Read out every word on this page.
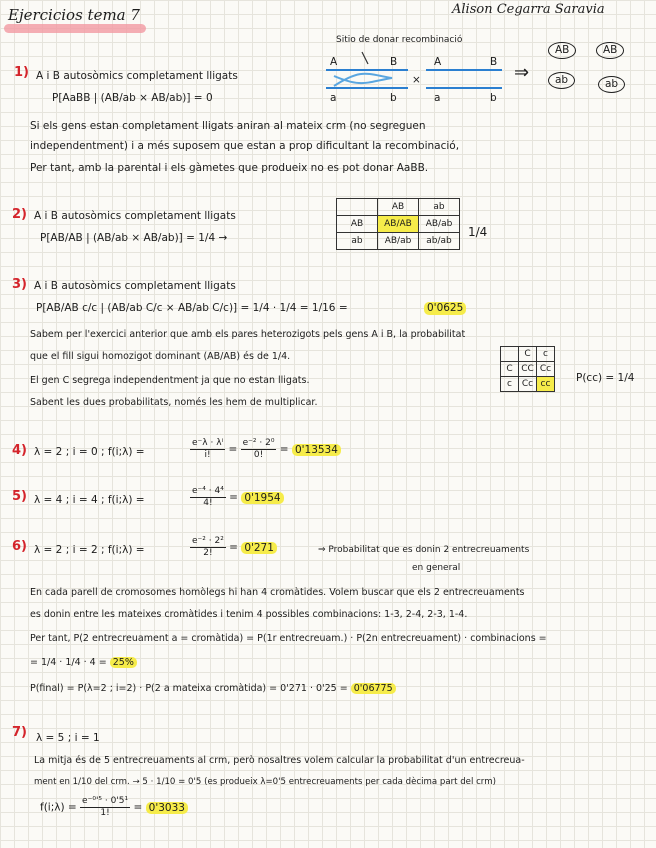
Ejercicios tema 7	Alison Cegarra Saravia
Sitio de donar recombinació
A	B
a	b
×
A	B
a	b
⇒
AB	AB
ab	ab
1) A i B autosòmics completament lligats
P[AaBB | (AB/ab × AB/ab)] = 0
Si els gens estan completament lligats aniran al mateix crm (no segreguen
independentment) i a més suposem que estan a prop dificultant la recombinació,
Per tant, amb la parental i els gàmetes que produeix no es pot donar AaBB.
2) A i B autosòmics completament lligats
P[AB/AB | (AB/ab × AB/ab)] = 1/4 →
	AB	ab
AB	AB/AB	AB/ab
ab	AB/ab	ab/ab
1/4
3) A i B autosòmics completament lligats
P[AB/AB c/c | (AB/ab C/c × AB/ab C/c)] = 1/4 · 1/4 = 1/16 =	0'0625
Sabem per l'exercici anterior que amb els pares heterozigots pels gens A i B, la probabilitat
que el fill sigui homozigot dominant (AB/AB) és de 1/4.
El gen C segrega independentment ja que no estan lligats.
Sabent les dues probabilitats, només les hem de multiplicar.
	C	c
C	CC	Cc
c	Cc	cc P(cc) = 1/4
4) λ = 2 ; i = 0 ; f(i;λ) =	$\frac{\text{e⁻λ · λⁱ}}{i!} = \frac{\text{e⁻² · 2⁰}}{0!} = 0'13534$
5) λ = 4 ; i = 4 ; f(i;λ) =	$\frac{\text{e⁻⁴ · 4⁴}}{4!} = 0'1954$
6) λ = 2 ; i = 2 ; f(i;λ) =	$\frac{\text{e⁻² · 2²}}{2!} = 0'271$	⇒ Probabilitat que es donin 2 entrecreuaments
en general
En cada parell de cromosomes homòlegs hi han 4 cromàtides. Volem buscar que els 2 entrecreuaments
es donin entre les mateixes cromàtides i tenim 4 possibles combinacions: 1-3, 2-4, 2-3, 1-4.
Per tant, P(2 entrecreuament a = cromàtida) = P(1r entrecreuam.) · P(2n entrecreuament) · combinacions =
= 1/4 · 1/4 · 4 = 25%
P(final) = P(λ=2 ; i=2) · P(2 a mateixa cromàtida) = 0'271 · 0'25 = 0'06775
7) λ = 5 ; i = 1
La mitja és de 5 entrecreuaments al crm, però nosaltres volem calcular la probabilitat d'un entrecreua-
ment en 1/10 del crm. → 5 · 1/10 = 0'5 (es produeix λ=0'5 entrecreuaments per cada dècima part del crm)
f(i;λ) = $\frac{\text{e⁻⁰'⁵ · 0'5¹}}{1!} = 0'3033$
